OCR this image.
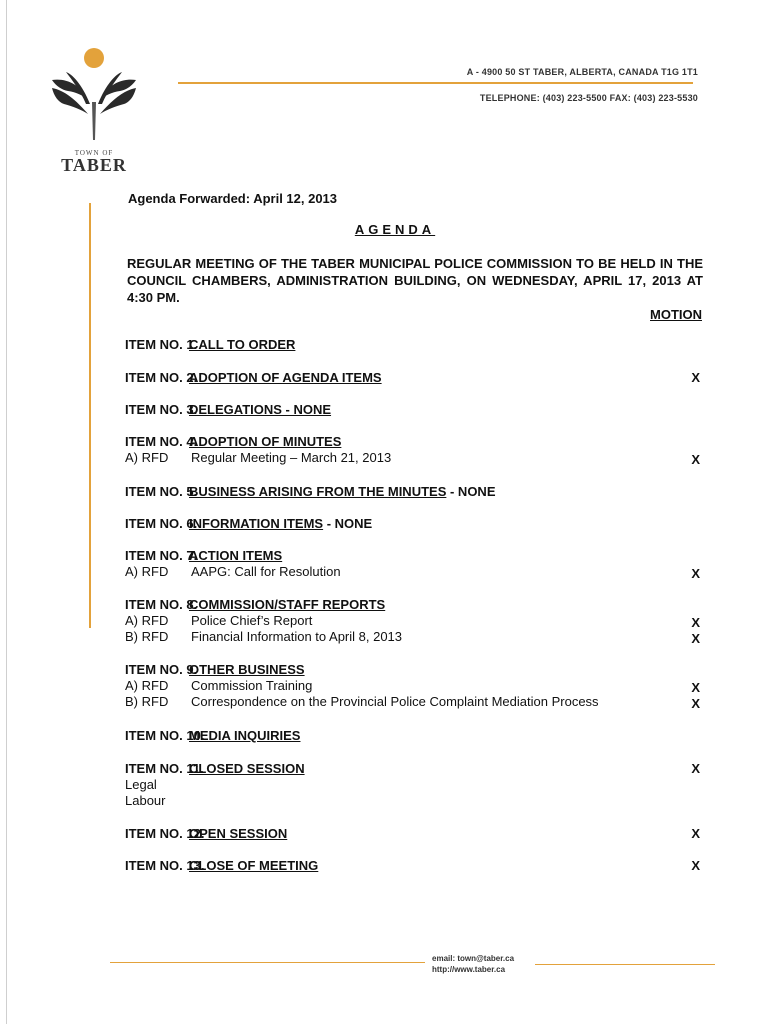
TOWN OF
TABER
A - 4900 50 ST TABER, ALBERTA, CANADA T1G 1T1
TELEPHONE: (403) 223-5500 FAX: (403) 223-5530
Agenda Forwarded: April 12, 2013
AGENDA
REGULAR MEETING OF THE TABER MUNICIPAL POLICE COMMISSION TO BE HELD IN THE COUNCIL CHAMBERS, ADMINISTRATION BUILDING, ON WEDNESDAY, APRIL 17, 2013 AT 4:30 PM.
MOTION
ITEM NO. 1.CALL TO ORDER
ITEM NO. 2.ADOPTION OF AGENDA ITEMS	X
ITEM NO. 3.DELEGATIONS - NONE
ITEM NO. 4.ADOPTION OF MINUTES
A) RFD Regular Meeting – March 21, 2013	X
ITEM NO. 5.BUSINESS ARISING FROM THE MINUTES - NONE
ITEM NO. 6.INFORMATION ITEMS - NONE
ITEM NO. 7.ACTION ITEMS
A) RFD AAPG: Call for Resolution	X
ITEM NO. 8.COMMISSION/STAFF REPORTS
A) RFD Police Chief’s Report	X
B) RFD Financial Information to April 8, 2013	X
ITEM NO. 9.OTHER BUSINESS
A) RFD Commission Training	X
B) RFD Correspondence on the Provincial Police Complaint Mediation Process	X
ITEM NO. 10.MEDIA INQUIRIES
ITEM NO. 11.CLOSED SESSION	X
Legal
Labour
ITEM NO. 12.OPEN SESSION	X
ITEM NO. 13.CLOSE OF MEETING	X
email: town@taber.ca
http://www.taber.ca
